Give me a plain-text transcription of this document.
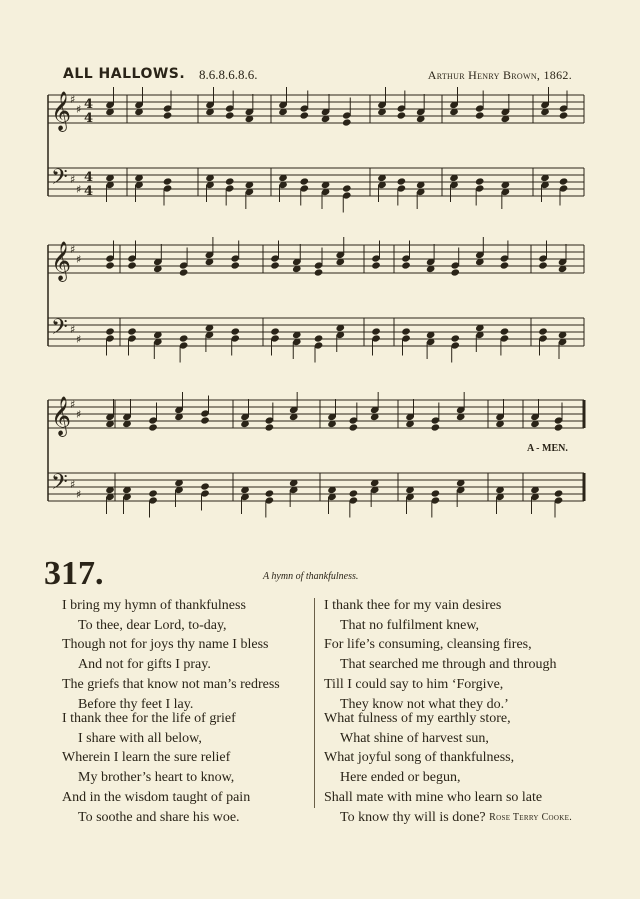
ALL HALLOWS. 8.6.8.6.8.6.	Arthur Henry Brown, 1862.
𝄞
♯
♯ 4
4
𝄢 ♯
♯
4
4
𝄞
♯
♯
𝄢 ♯
♯
𝄞
♯
♯
𝄢 ♯
♯
A - MEN.
317.	A hymn of thankfulness.
I bring my hymn of thankfulness
To thee, dear Lord, to-day,
Though not for joys thy name I bless
And not for gifts I pray.
The griefs that know not man’s redress
Before thy feet I lay.
I thank thee for the life of grief
I share with all below,
Wherein I learn the sure relief
My brother’s heart to know,
And in the wisdom taught of pain
To soothe and share his woe.
I thank thee for my vain desires
That no fulfilment knew,
For life’s consuming, cleansing fires,
That searched me through and through
Till I could say to him ‘Forgive,
They know not what they do.’
What fulness of my earthly store,
What shine of harvest sun,
What joyful song of thankfulness,
Here ended or begun,
Shall mate with mine who learn so late
To know thy will is done? Rose Terry Cooke.
